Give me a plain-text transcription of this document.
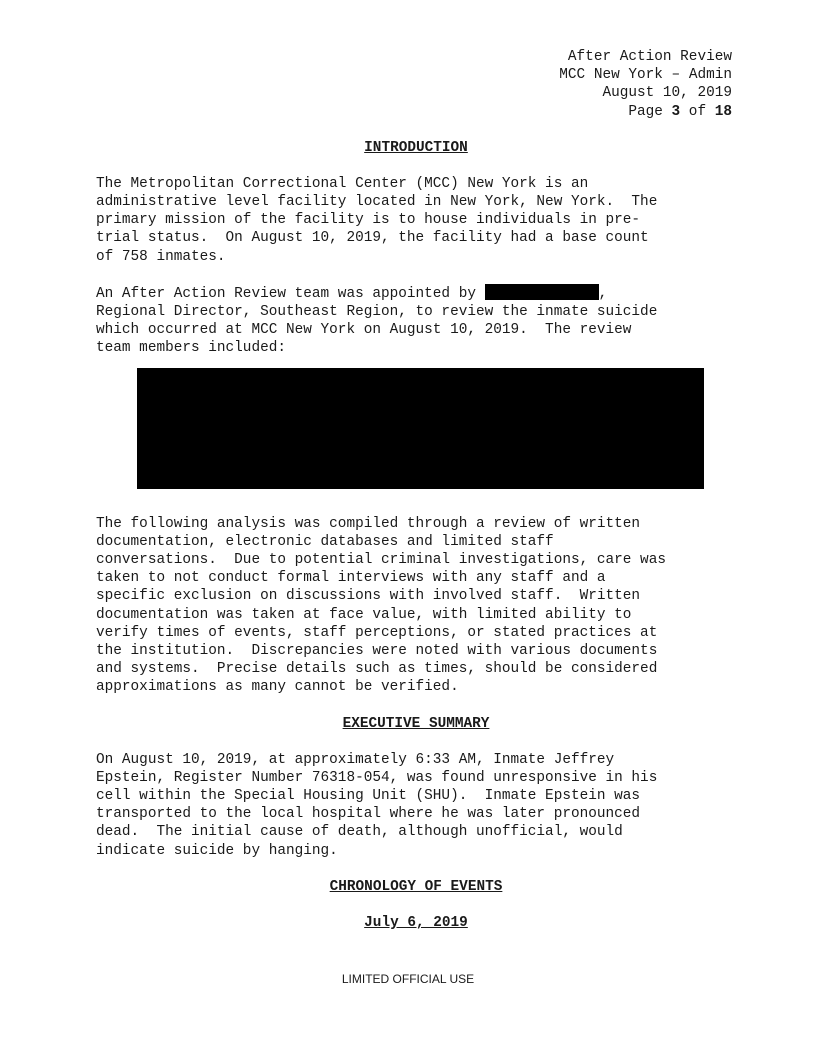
After Action Review
MCC New York – Admin
August 10, 2019
Page 3 of 18
INTRODUCTION

The Metropolitan Correctional Center (MCC) New York is an
administrative level facility located in New York, New York.  The
primary mission of the facility is to house individuals in pre-
trial status.  On August 10, 2019, the facility had a base count
of 758 inmates.

An After Action Review team was appointed by	,
Regional Director, Southeast Region, to review the inmate suicide
which occurred at MCC New York on August 10, 2019.  The review
team members included:

The following analysis was compiled through a review of written
documentation, electronic databases and limited staff
conversations.  Due to potential criminal investigations, care was
taken to not conduct formal interviews with any staff and a
specific exclusion on discussions with involved staff.  Written
documentation was taken at face value, with limited ability to
verify times of events, staff perceptions, or stated practices at
the institution.  Discrepancies were noted with various documents
and systems.  Precise details such as times, should be considered
approximations as many cannot be verified.

EXECUTIVE SUMMARY

On August 10, 2019, at approximately 6:33 AM, Inmate Jeffrey
Epstein, Register Number 76318-054, was found unresponsive in his
cell within the Special Housing Unit (SHU).  Inmate Epstein was
transported to the local hospital where he was later pronounced
dead.  The initial cause of death, although unofficial, would
indicate suicide by hanging.

CHRONOLOGY OF EVENTS
July 6, 2019
LIMITED OFFICIAL USE
